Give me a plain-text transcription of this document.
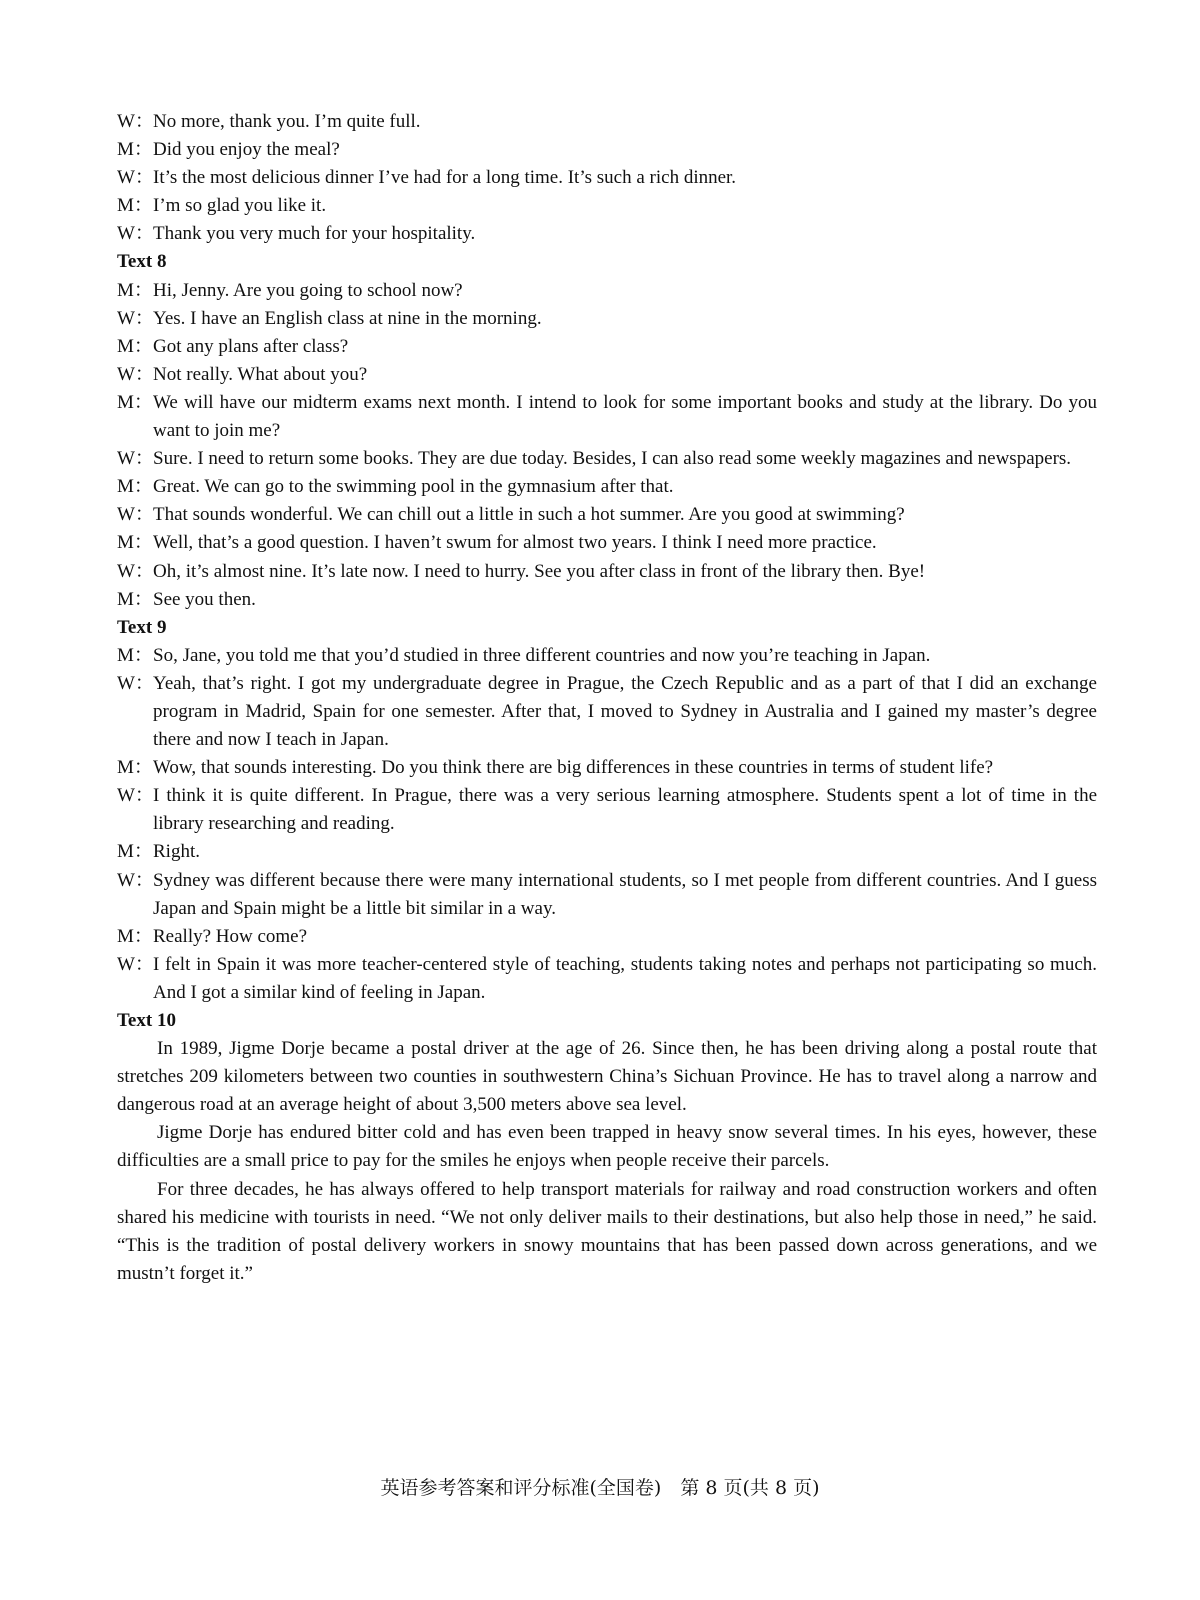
W： No more, thank you. I’m quite full.
M： Did you enjoy the meal?
W： It’s the most delicious dinner I’ve had for a long time. It’s such a rich dinner.
M： I’m so glad you like it.
W： Thank you very much for your hospitality.
Text 8
M： Hi, Jenny. Are you going to school now?
W： Yes. I have an English class at nine in the morning.
M： Got any plans after class?
W： Not really. What about you?
M： We will have our midterm exams next month. I intend to look for some important books and study at the library. Do you want to join me?
W： Sure. I need to return some books. They are due today. Besides, I can also read some weekly magazines and newspapers.
M： Great. We can go to the swimming pool in the gymnasium after that.
W： That sounds wonderful. We can chill out a little in such a hot summer. Are you good at swimming?
M： Well, that’s a good question. I haven’t swum for almost two years. I think I need more practice.
W： Oh, it’s almost nine. It’s late now. I need to hurry. See you after class in front of the library then. Bye!
M： See you then.
Text 9
M： So, Jane, you told me that you’d studied in three different countries and now you’re teaching in Japan.
W： Yeah, that’s right. I got my undergraduate degree in Prague, the Czech Republic and as a part of that I did an exchange program in Madrid, Spain for one semester. After that, I moved to Sydney in Australia and I gained my master’s degree there and now I teach in Japan.
M： Wow, that sounds interesting. Do you think there are big differences in these countries in terms of student life?
W： I think it is quite different. In Prague, there was a very serious learning atmosphere. Students spent a lot of time in the library researching and reading.
M： Right.
W： Sydney was different because there were many international students, so I met people from different countries. And I guess Japan and Spain might be a little bit similar in a way.
M： Really? How come?
W： I felt in Spain it was more teacher-centered style of teaching, students taking notes and perhaps not participating so much. And I got a similar kind of feeling in Japan.
Text 10

In 1989, Jigme Dorje became a postal driver at the age of 26. Since then, he has been driving along a postal route that stretches 209 kilometers between two counties in southwestern China’s Sichuan Province. He has to travel along a narrow and dangerous road at an average height of about 3,500 meters above sea level.

Jigme Dorje has endured bitter cold and has even been trapped in heavy snow several times. In his eyes, however, these difficulties are a small price to pay for the smiles he enjoys when people receive their parcels.

For three decades, he has always offered to help transport materials for railway and road construction workers and often shared his medicine with tourists in need. “We not only deliver mails to their destinations, but also help those in need,” he said. “This is the tradition of postal delivery workers in snowy mountains that has been passed down across generations, and we mustn’t forget it.”

英语参考答案和评分标准(全国卷)　第 8 页(共 8 页)
